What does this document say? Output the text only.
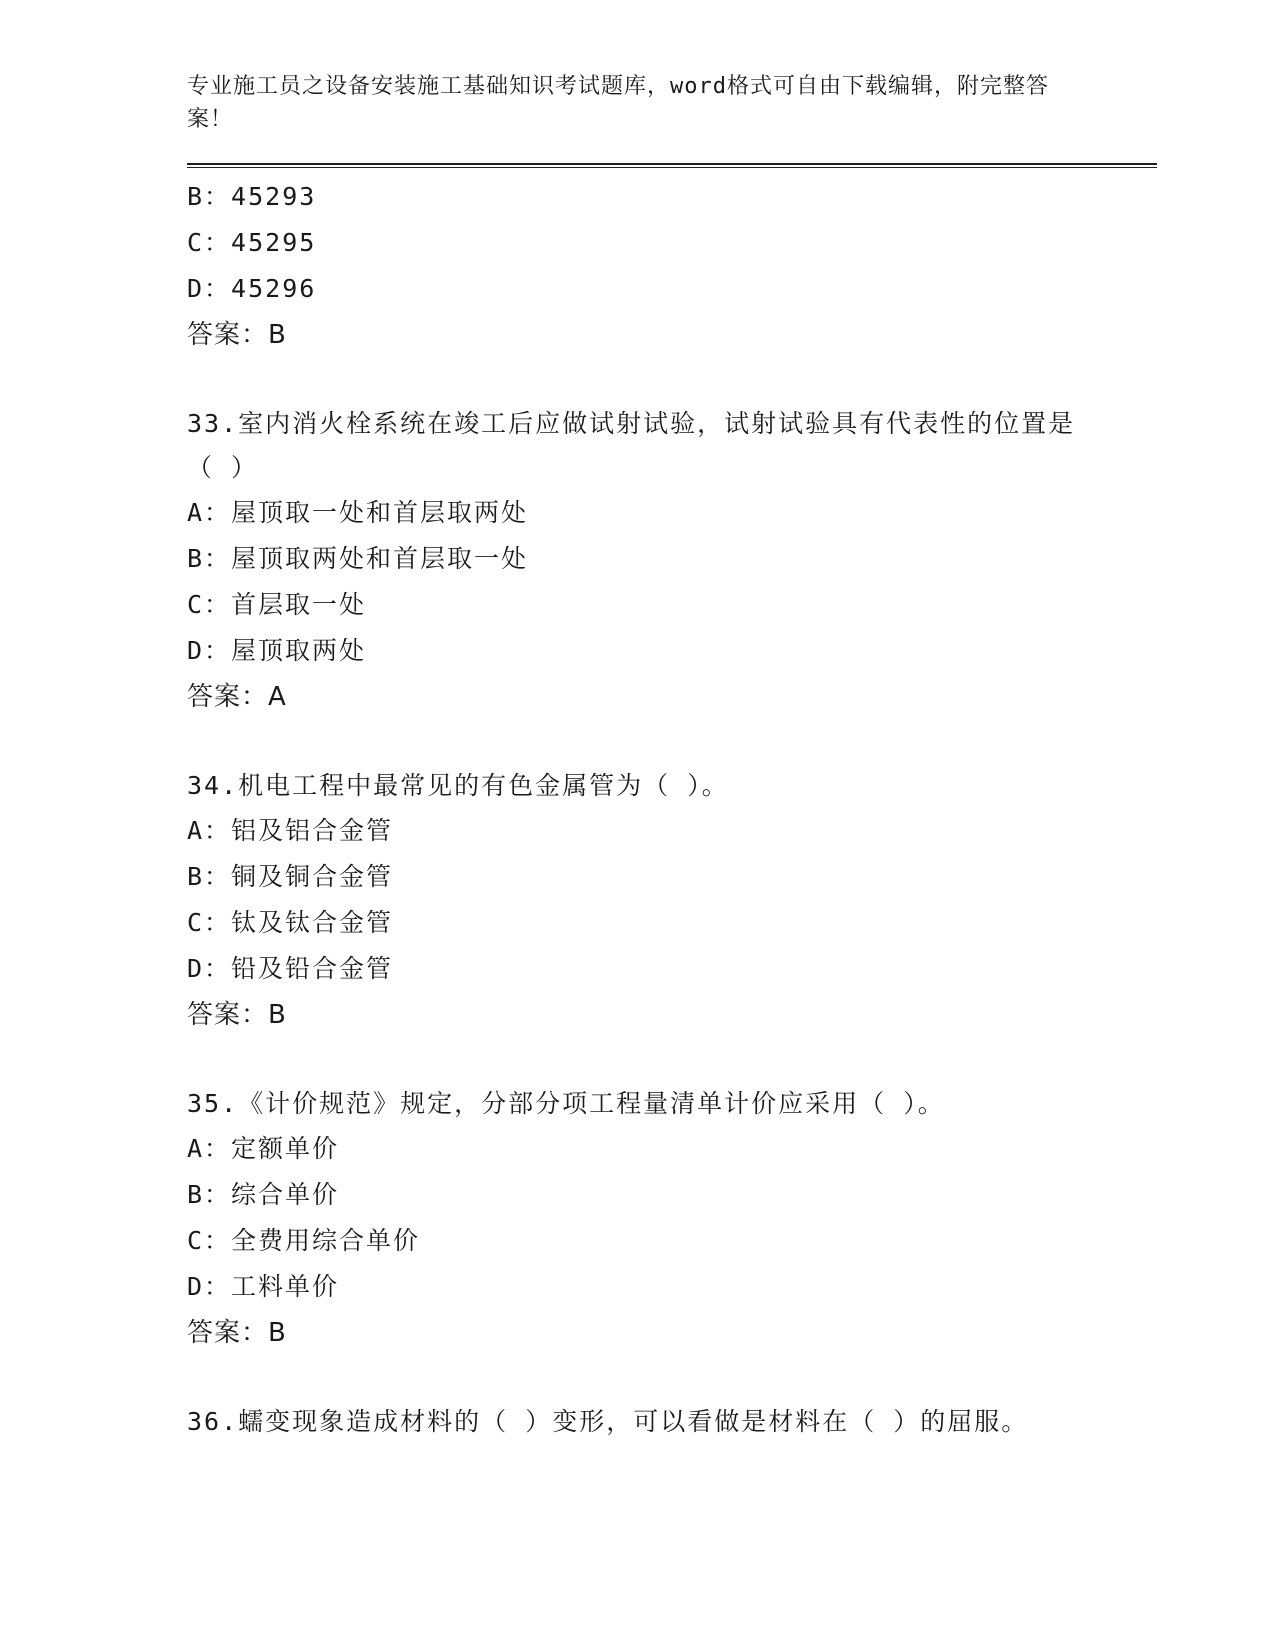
专业施工员之设备安装施工基础知识考试题库，word格式可自由下载编辑，附完整答案！
B：45293
C：45295
D：45296
答案：B
33.室内消火栓系统在竣工后应做试射试验，试射试验具有代表性的位置是（ ）
A：屋顶取一处和首层取两处
B：屋顶取两处和首层取一处
C：首层取一处
D：屋顶取两处
答案：A
34.机电工程中最常见的有色金属管为（ ）。
A：铝及铝合金管
B：铜及铜合金管
C：钛及钛合金管
D：铅及铅合金管
答案：B
35.《计价规范》规定，分部分项工程量清单计价应采用（ ）。
A：定额单价
B：综合单价
C：全费用综合单价
D：工料单价
答案：B
36.蠕变现象造成材料的（ ）变形，可以看做是材料在（ ）的屈服。
